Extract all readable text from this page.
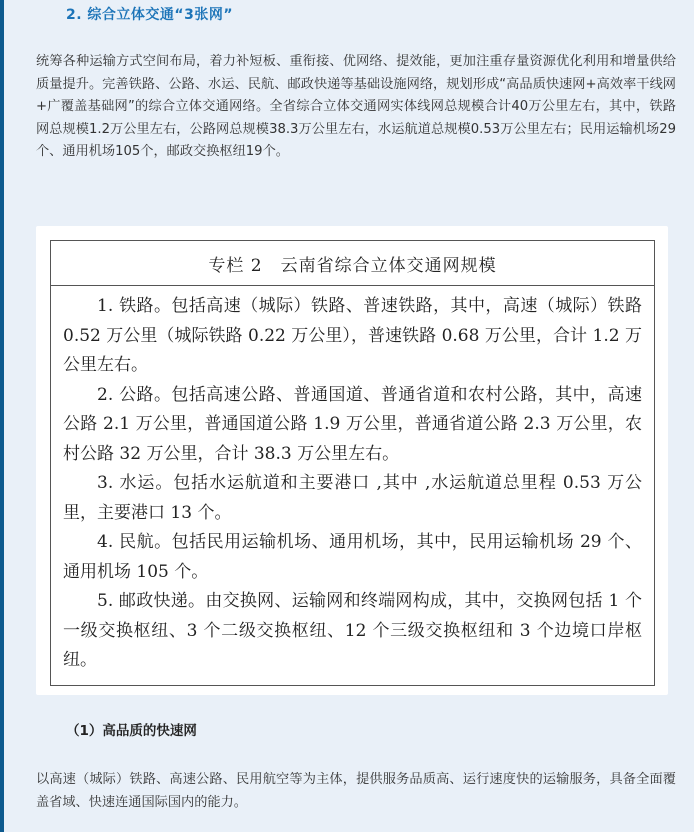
2. 综合立体交通“3张网”

统筹各种运输方式空间布局，着力补短板、重衔接、优网络、提效能，更加注重存量资源优化利用和增量供给质量提升。完善铁路、公路、水运、民航、邮政快递等基础设施网络，规划形成“高品质快速网+高效率干线网+广覆盖基础网”的综合立体交通网络。全省综合立体交通网实体线网总规模合计40万公里左右，其中，铁路网总规模1.2万公里左右，公路网总规模38.3万公里左右，水运航道总规模0.53万公里左右；民用运输机场29个、通用机场105个，邮政交换枢纽19个。

专栏 2　云南省综合立体交通网规模

1. 铁路。包括高速（城际）铁路、普速铁路，其中，高速（城际）铁路 0.52 万公里（城际铁路 0.22 万公里），普速铁路 0.68 万公里，合计 1.2 万公里左右。

2. 公路。包括高速公路、普通国道、普通省道和农村公路，其中，高速公路 2.1 万公里，普通国道公路 1.9 万公里，普通省道公路 2.3 万公里，农村公路 32 万公里，合计 38.3 万公里左右。

3. 水运。包括水运航道和主要港口 ,其中 ,水运航道总里程 0.53 万公里，主要港口 13 个。

4. 民航。包括民用运输机场、通用机场，其中，民用运输机场 29 个、通用机场 105 个。

5. 邮政快递。由交换网、运输网和终端网构成，其中，交换网包括 1 个一级交换枢纽、3 个二级交换枢纽、12 个三级交换枢纽和 3 个边境口岸枢纽。

（1）高品质的快速网

以高速（城际）铁路、高速公路、民用航空等为主体，提供服务品质高、运行速度快的运输服务，具备全面覆盖省域、快速连通国际国内的能力。
